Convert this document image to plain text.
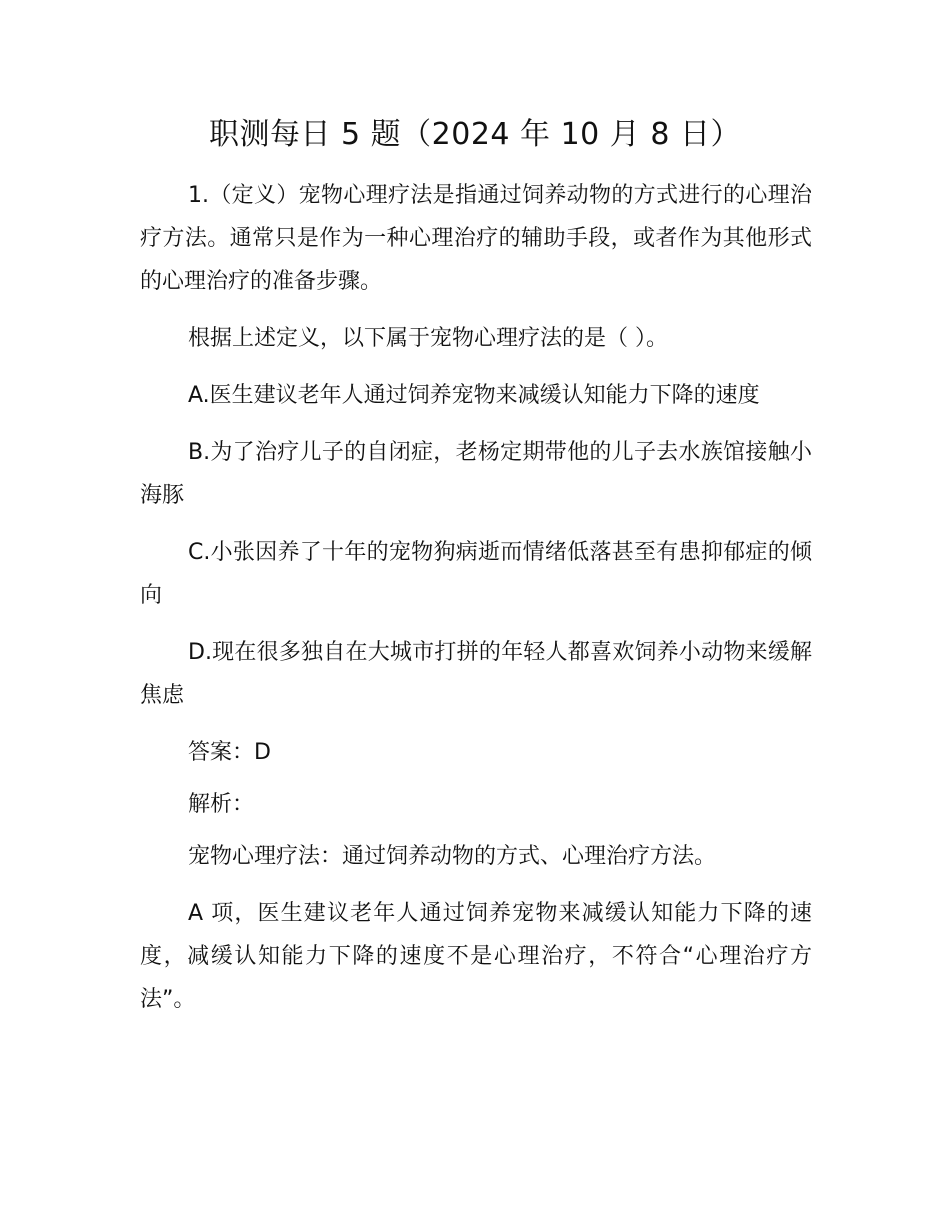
职测每日 5 题（2024 年 10 月 8 日）

1.（定义）宠物心理疗法是指通过饲养动物的方式进行的心理治疗方法。通常只是作为一种心理治疗的辅助手段，或者作为其他形式的心理治疗的准备步骤。

根据上述定义，以下属于宠物心理疗法的是（ ）。

A.医生建议老年人通过饲养宠物来减缓认知能力下降的速度

B.为了治疗儿子的自闭症，老杨定期带他的儿子去水族馆接触小海豚

C.小张因养了十年的宠物狗病逝而情绪低落甚至有患抑郁症的倾向

D.现在很多独自在大城市打拼的年轻人都喜欢饲养小动物来缓解焦虑

答案：D

解析：

宠物心理疗法：通过饲养动物的方式、心理治疗方法。

A 项，医生建议老年人通过饲养宠物来减缓认知能力下降的速度，减缓认知能力下降的速度不是心理治疗，不符合“心理治疗方法”。
